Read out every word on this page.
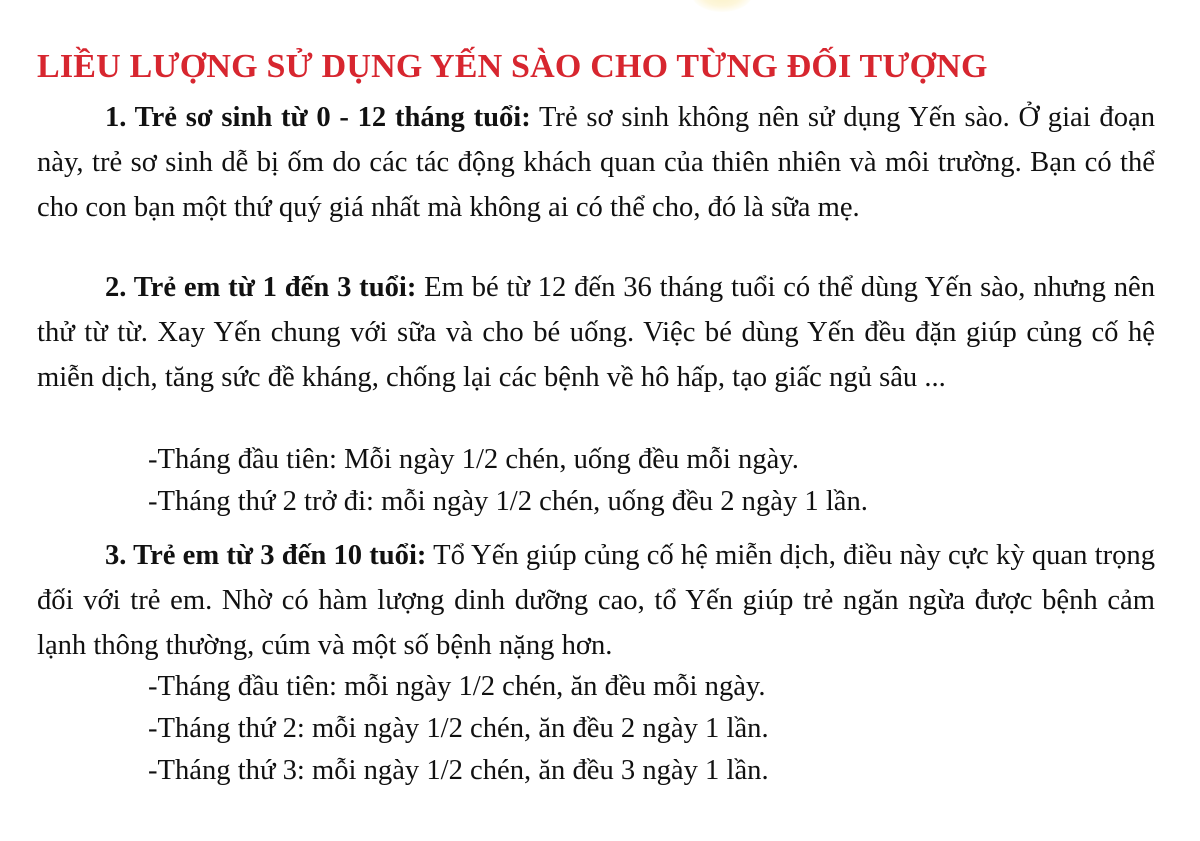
LIỀU LƯỢNG SỬ DỤNG YẾN SÀO CHO TỪNG ĐỐI TƯỢNG

1. Trẻ sơ sinh từ 0 - 12 tháng tuổi: Trẻ sơ sinh không nên sử dụng Yến sào. Ở giai đoạn này, trẻ sơ sinh dễ bị ốm do các tác động khách quan của thiên nhiên và môi trường. Bạn có thể cho con bạn một thứ quý giá nhất mà không ai có thể cho, đó là sữa mẹ.

2. Trẻ em từ 1 đến 3 tuổi: Em bé từ 12 đến 36 tháng tuổi có thể dùng Yến sào, nhưng nên thử từ từ. Xay Yến chung với sữa và cho bé uống. Việc bé dùng Yến đều đặn giúp củng cố hệ miễn dịch, tăng sức đề kháng, chống lại các bệnh về hô hấp, tạo giấc ngủ sâu ...

-Tháng đầu tiên: Mỗi ngày 1/2 chén, uống đều mỗi ngày.

-Tháng thứ 2 trở đi: mỗi ngày 1/2 chén, uống đều 2 ngày 1 lần.

3. Trẻ em từ 3 đến 10 tuổi: Tổ Yến giúp củng cố hệ miễn dịch, điều này cực kỳ quan trọng đối với trẻ em. Nhờ có hàm lượng dinh dưỡng cao, tổ Yến giúp trẻ ngăn ngừa được bệnh cảm lạnh thông thường, cúm và một số bệnh nặng hơn.

-Tháng đầu tiên: mỗi ngày 1/2 chén, ăn đều mỗi ngày.

-Tháng thứ 2: mỗi ngày 1/2 chén, ăn đều 2 ngày 1 lần.

-Tháng thứ 3: mỗi ngày 1/2 chén, ăn đều 3 ngày 1 lần.
